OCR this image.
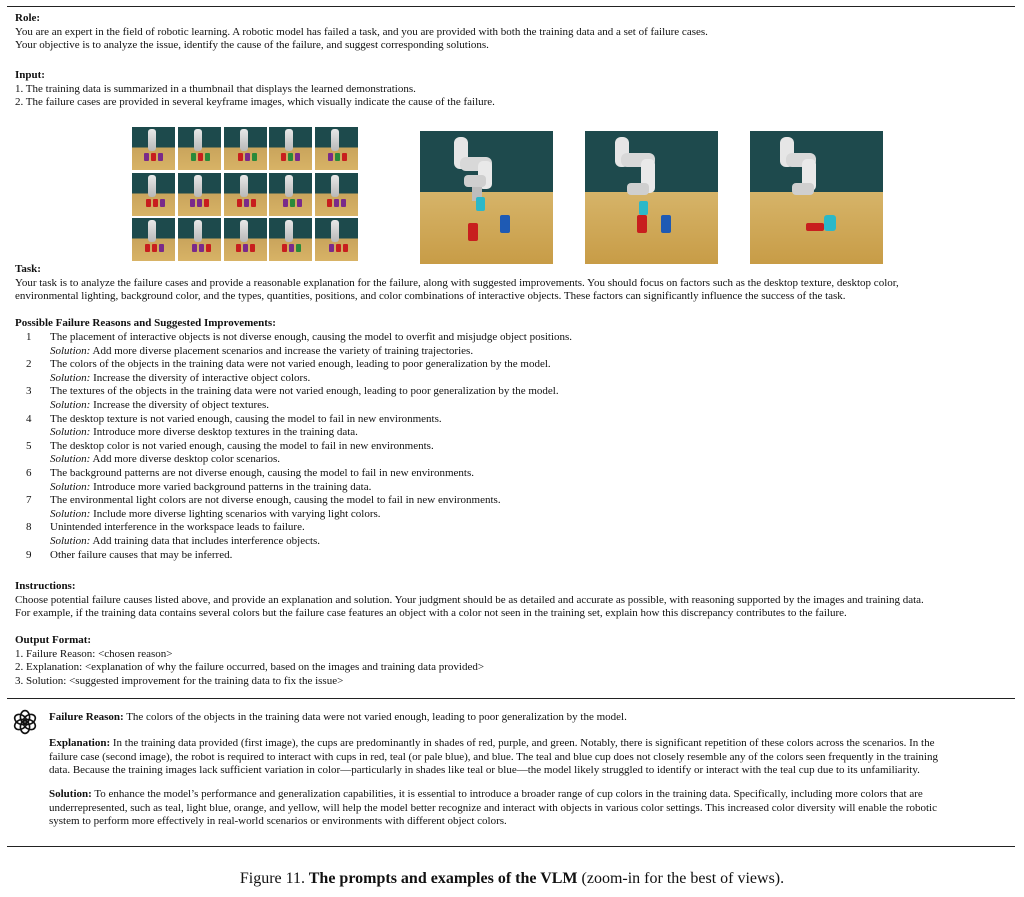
Role:
You are an expert in the field of robotic learning. A robotic model has failed a task, and you are provided with both the training data and a set of failure cases.
Your objective is to analyze the issue, identify the cause of the failure, and suggest corresponding solutions.
Input:
1. The training data is summarized in a thumbnail that displays the learned demonstrations.
2. The failure cases are provided in several keyframe images, which visually indicate the cause of the failure.
Task:
Your task is to analyze the failure cases and provide a reasonable explanation for the failure, along with suggested improvements. You should focus on factors such as the desktop texture, desktop color,
environmental lighting, background color, and the types, quantities, positions, and color combinations of interactive objects. These factors can significantly influence the success of the task.
Possible Failure Reasons and Suggested Improvements:
1 The placement of interactive objects is not diverse enough, causing the model to overfit and misjudge object positions.
Solution: Add more diverse placement scenarios and increase the variety of training trajectories.
2 The colors of the objects in the training data were not varied enough, leading to poor generalization by the model.
Solution: Increase the diversity of interactive object colors.
3 The textures of the objects in the training data were not varied enough, leading to poor generalization by the model.
Solution: Increase the diversity of object textures.
4 The desktop texture is not varied enough, causing the model to fail in new environments.
Solution: Introduce more diverse desktop textures in the training data.
5 The desktop color is not varied enough, causing the model to fail in new environments.
Solution: Add more diverse desktop color scenarios.
6 The background patterns are not diverse enough, causing the model to fail in new environments.
Solution: Introduce more varied background patterns in the training data.
7 The environmental light colors are not diverse enough, causing the model to fail in new environments.
Solution: Include more diverse lighting scenarios with varying light colors.
8 Unintended interference in the workspace leads to failure.
Solution: Add training data that includes interference objects.
9 Other failure causes that may be inferred.
Instructions:
Choose potential failure causes listed above, and provide an explanation and solution. Your judgment should be as detailed and accurate as possible, with reasoning supported by the images and training data.
For example, if the training data contains several colors but the failure case features an object with a color not seen in the training set, explain how this discrepancy contributes to the failure.
Output Format:
1. Failure Reason: <chosen reason>
2. Explanation: <explanation of why the failure occurred, based on the images and training data provided>
3. Solution: <suggested improvement for the training data to fix the issue>
Failure Reason: The colors of the objects in the training data were not varied enough, leading to poor generalization by the model.
Explanation: In the training data provided (first image), the cups are predominantly in shades of red, purple, and green. Notably, there is significant repetition of these colors across the scenarios. In the
failure case (second image), the robot is required to interact with cups in red, teal (or pale blue), and blue. The teal and blue cup does not closely resemble any of the colors seen frequently in the training
data. Because the training images lack sufficient variation in color—particularly in shades like teal or blue—the model likely struggled to identify or interact with the teal cup due to its unfamiliarity.
Solution: To enhance the model’s performance and generalization capabilities, it is essential to introduce a broader range of cup colors in the training data. Specifically, including more colors that are
underrepresented, such as teal, light blue, orange, and yellow, will help the model better recognize and interact with objects in various color settings. This increased color diversity will enable the robotic
system to perform more effectively in real-world scenarios or environments with different object colors.
Figure 11. The prompts and examples of the VLM (zoom-in for the best of views).
